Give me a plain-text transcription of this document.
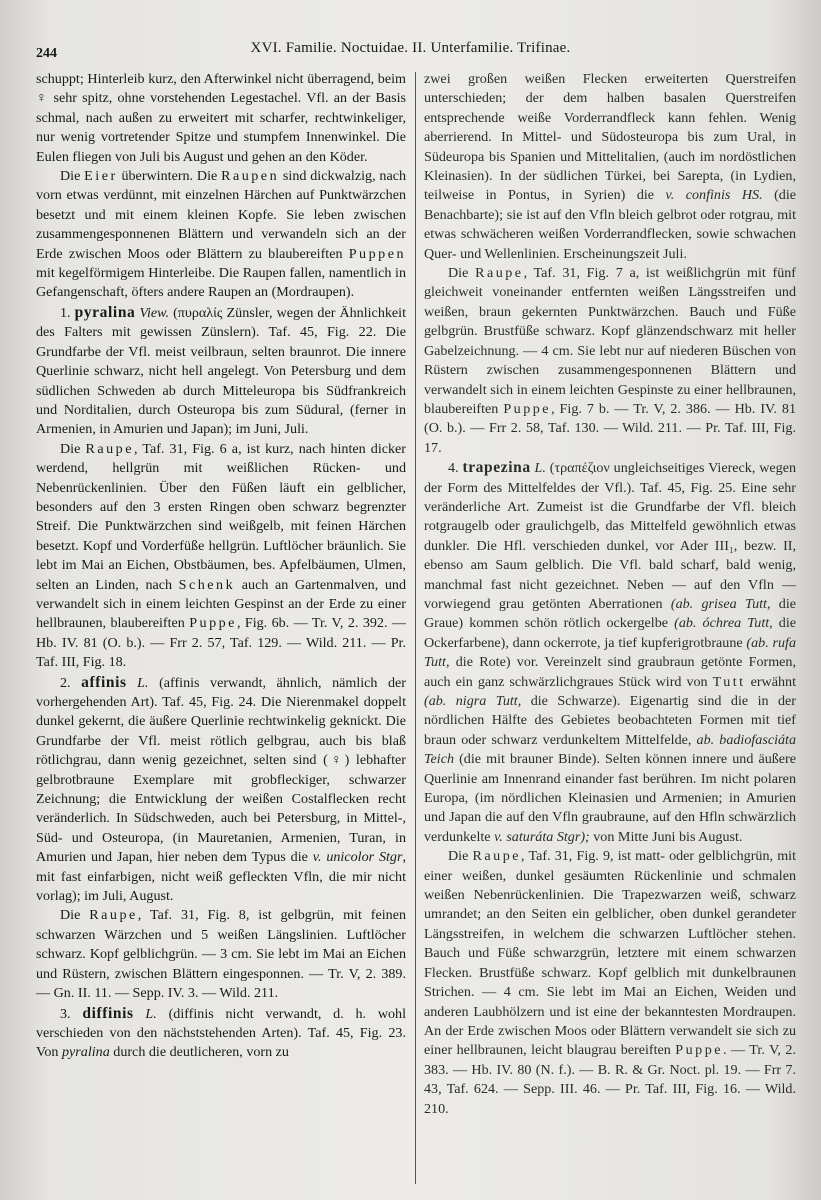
244	XVI. Familie. Noctuidae. II. Unterfamilie. Trifinae.

schuppt; Hinterleib kurz, den Afterwinkel nicht überragend, beim ♀ sehr spitz, ohne vorstehenden Legestachel. Vfl. an der Basis schmal, nach außen zu erweitert mit scharfer, rechtwinkeliger, nur wenig vortretender Spitze und stumpfem Innenwinkel. Die Eulen fliegen von Juli bis August und gehen an den Köder.

Die Eier überwintern. Die Raupen sind dickwalzig, nach vorn etwas verdünnt, mit einzelnen Härchen auf Punktwärzchen besetzt und mit einem kleinen Kopfe. Sie leben zwischen zusammengesponnenen Blättern und verwandeln sich an der Erde zwischen Moos oder Blättern zu blaubereiften Puppen mit kegelförmigem Hinterleibe. Die Raupen fallen, namentlich in Gefangenschaft, öfters andere Raupen an (Mordraupen).

1. pyralina View. (πυραλίς Zünsler, wegen der Ähnlichkeit des Falters mit gewissen Zünslern). Taf. 45, Fig. 22. Die Grundfarbe der Vfl. meist veilbraun, selten braunrot. Die innere Querlinie schwarz, nicht hell angelegt. Von Petersburg und dem südlichen Schweden ab durch Mitteleuropa bis Südfrankreich und Norditalien, durch Osteuropa bis zum Südural, (ferner in Armenien, in Amurien und Japan); im Juni, Juli.

Die Raupe, Taf. 31, Fig. 6 a, ist kurz, nach hinten dicker werdend, hellgrün mit weißlichen Rücken- und Nebenrückenlinien. Über den Füßen läuft ein gelblicher, besonders auf den 3 ersten Ringen oben schwarz begrenzter Streif. Die Punktwärzchen sind weißgelb, mit feinen Härchen besetzt. Kopf und Vorderfüße hellgrün. Luftlöcher bräunlich. Sie lebt im Mai an Eichen, Obstbäumen, bes. Apfelbäumen, Ulmen, selten an Linden, nach Schenk auch an Gartenmalven, und verwandelt sich in einem leichten Gespinst an der Erde zu einer hellbraunen, blaubereiften Puppe, Fig. 6b. — Tr. V, 2. 392. — Hb. IV. 81 (O. b.). — Frr 2. 57, Taf. 129. — Wild. 211. — Pr. Taf. III, Fig. 18.

2. affinis L. (affinis verwandt, ähnlich, nämlich der vorhergehenden Art). Taf. 45, Fig. 24. Die Nierenmakel doppelt dunkel gekernt, die äußere Querlinie rechtwinkelig geknickt. Die Grundfarbe der Vfl. meist rötlich gelbgrau, auch bis blaß rötlichgrau, dann wenig gezeichnet, selten sind (♀) lebhafter gelbrotbraune Exemplare mit grobfleckiger, schwarzer Zeichnung; die Entwicklung der weißen Costalflecken recht veränderlich. In Südschweden, auch bei Petersburg, in Mittel-, Süd- und Osteuropa, (in Mauretanien, Armenien, Turan, in Amurien und Japan, hier neben dem Typus die v. unicolor Stgr, mit fast einfarbigen, nicht weiß gefleckten Vfln, die mir nicht vorlag); im Juli, August.

Die Raupe, Taf. 31, Fig. 8, ist gelbgrün, mit feinen schwarzen Wärzchen und 5 weißen Längslinien. Luftlöcher schwarz. Kopf gelblichgrün. — 3 cm. Sie lebt im Mai an Eichen und Rüstern, zwischen Blättern eingesponnen. — Tr. V, 2. 389. — Gn. II. 11. — Sepp. IV. 3. — Wild. 211.

3. diffinis L. (diffinis nicht verwandt, d. h. wohl verschieden von den nächststehenden Arten). Taf. 45, Fig. 23. Von pyralina durch die deutlicheren, vorn zu

zwei großen weißen Flecken erweiterten Querstreifen unterschieden; der dem halben basalen Querstreifen entsprechende weiße Vorderrandfleck kann fehlen. Wenig aberrierend. In Mittel- und Südosteuropa bis zum Ural, in Südeuropa bis Spanien und Mittelitalien, (auch im nordöstlichen Kleinasien). In der südlichen Türkei, bei Sarepta, (in Lydien, teilweise in Pontus, in Syrien) die v. confinis HS. (die Benachbarte); sie ist auf den Vfln bleich gelbrot oder rotgrau, mit etwas schwächeren weißen Vorderrandflecken, sowie schwachen Quer- und Wellenlinien. Erscheinungszeit Juli.

Die Raupe, Taf. 31, Fig. 7 a, ist weißlichgrün mit fünf gleichweit voneinander entfernten weißen Längsstreifen und weißen, braun gekernten Punktwärzchen. Bauch und Füße gelbgrün. Brustfüße schwarz. Kopf glänzendschwarz mit heller Gabelzeichnung. — 4 cm. Sie lebt nur auf niederen Büschen von Rüstern zwischen zusammengesponnenen Blättern und verwandelt sich in einem leichten Gespinste zu einer hellbraunen, blaubereiften Puppe, Fig. 7 b. — Tr. V, 2. 386. — Hb. IV. 81 (O. b.). — Frr 2. 58, Taf. 130. — Wild. 211. — Pr. Taf. III, Fig. 17.

4. trapezina L. (τραπέζιον ungleichseitiges Viereck, wegen der Form des Mittelfeldes der Vfl.). Taf. 45, Fig. 25. Eine sehr veränderliche Art. Zumeist ist die Grundfarbe der Vfl. bleich rotgraugelb oder graulichgelb, das Mittelfeld gewöhnlich etwas dunkler. Die Hfl. verschieden dunkel, vor Ader III₁, bezw. II, ebenso am Saum gelblich. Die Vfl. bald scharf, bald wenig, manchmal fast nicht gezeichnet. Neben — auf den Vfln — vorwiegend grau getönten Aberrationen (ab. grisea Tutt, die Graue) kommen schön rötlich ockergelbe (ab. óchrea Tutt, die Ockerfarbene), dann ockerrote, ja tief kupferigrotbraune (ab. rufa Tutt, die Rote) vor. Vereinzelt sind graubraun getönte Formen, auch ein ganz schwärzlichgraues Stück wird von Tutt erwähnt (ab. nigra Tutt, die Schwarze). Eigenartig sind die in der nördlichen Hälfte des Gebietes beobachteten Formen mit tief braun oder schwarz verdunkeltem Mittelfelde, ab. badiofasciáta Teich (die mit brauner Binde). Selten können innere und äußere Querlinie am Innenrand einander fast berühren. Im nicht polaren Europa, (im nördlichen Kleinasien und Armenien; in Amurien und Japan die auf den Vfln graubraune, auf den Hfln schwärzlich verdunkelte v. saturáta Stgr); von Mitte Juni bis August.

Die Raupe, Taf. 31, Fig. 9, ist matt- oder gelblichgrün, mit einer weißen, dunkel gesäumten Rückenlinie und schmalen weißen Nebenrückenlinien. Die Trapezwarzen weiß, schwarz umrandet; an den Seiten ein gelblicher, oben dunkel gerandeter Längsstreifen, in welchem die schwarzen Luftlöcher stehen. Bauch und Füße schwarzgrün, letztere mit einem schwarzen Flecken. Brustfüße schwarz. Kopf gelblich mit dunkelbraunen Strichen. — 4 cm. Sie lebt im Mai an Eichen, Weiden und anderen Laubhölzern und ist eine der bekanntesten Mordraupen. An der Erde zwischen Moos oder Blättern verwandelt sie sich zu einer hellbraunen, leicht blaugrau bereiften Puppe. — Tr. V, 2. 383. — Hb. IV. 80 (N. f.). — B. R. & Gr. Noct. pl. 19. — Frr 7. 43, Taf. 624. — Sepp. III. 46. — Pr. Taf. III, Fig. 16. — Wild. 210.
